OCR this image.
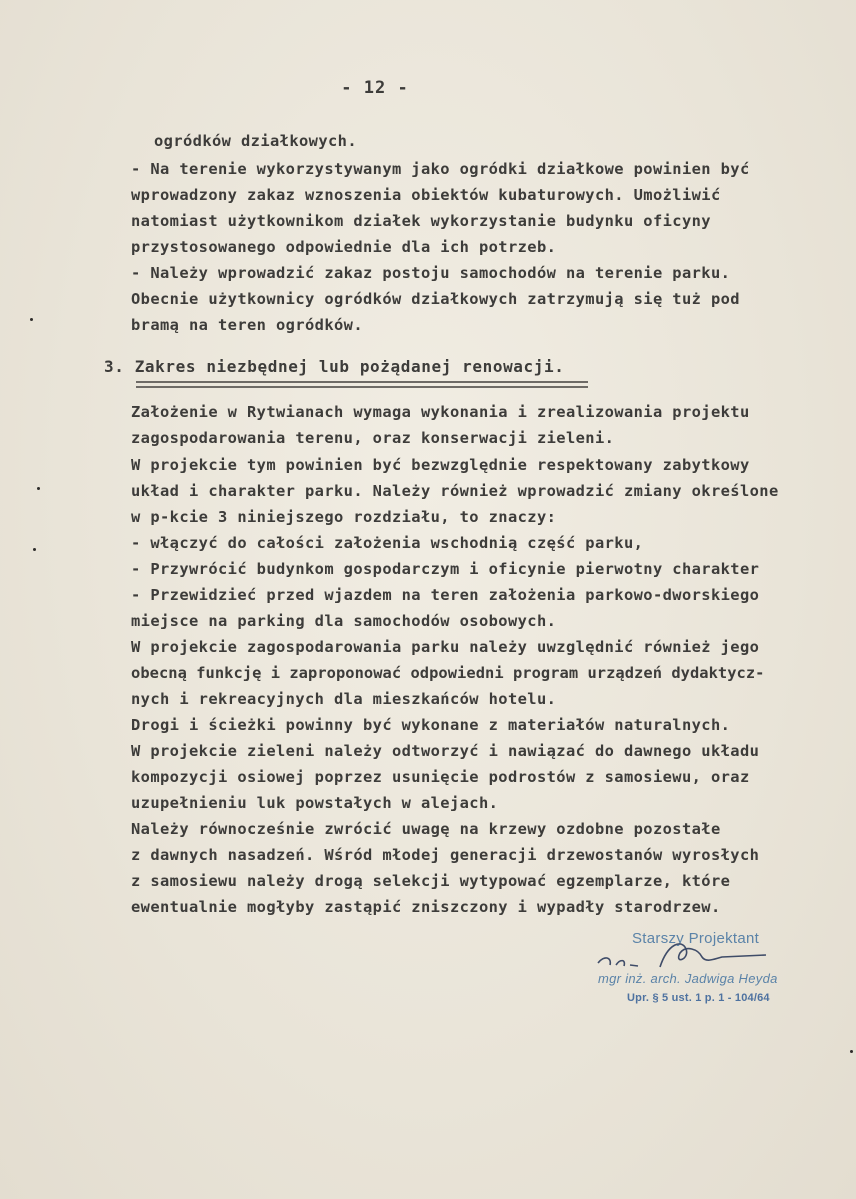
- 12 -
ogródków działkowych.
- Na terenie wykorzystywanym jako ogródki działkowe powinien być
wprowadzony zakaz wznoszenia obiektów kubaturowych. Umożliwić
natomiast użytkownikom działek wykorzystanie budynku oficyny
przystosowanego odpowiednie dla ich potrzeb.
- Należy wprowadzić zakaz postoju samochodów na terenie parku.
Obecnie użytkownicy ogródków działkowych zatrzymują się tuż pod
bramą na teren ogródków.
3. Zakres niezbędnej lub pożądanej renowacji.
Założenie w Rytwianach wymaga wykonania i zrealizowania projektu
zagospodarowania terenu, oraz konserwacji zieleni.
W projekcie tym powinien być bezwzględnie respektowany zabytkowy
układ i charakter parku. Należy również wprowadzić zmiany określone
w p-kcie 3 niniejszego rozdziału, to znaczy:
- włączyć do całości założenia wschodnią część parku,
- Przywrócić budynkom gospodarczym i oficynie pierwotny charakter
- Przewidzieć przed wjazdem na teren założenia parkowo-dworskiego
miejsce na parking dla samochodów osobowych.
W projekcie zagospodarowania parku należy uwzględnić również jego
obecną funkcję i zaproponować odpowiedni program urządzeń dydaktycz-
nych i rekreacyjnych dla mieszkańców hotelu.
Drogi i ścieżki powinny być wykonane z materiałów naturalnych.
W projekcie zieleni należy odtworzyć i nawiązać do dawnego układu
kompozycji osiowej poprzez usunięcie podrostów z samosiewu, oraz
uzupełnieniu luk powstałych w alejach.
Należy równocześnie zwrócić uwagę na krzewy ozdobne pozostałe
z dawnych nasadzeń. Wśród młodej generacji drzewostanów wyrosłych
z samosiewu należy drogą selekcji wytypować egzemplarze, które
ewentualnie mogłyby zastąpić zniszczony i wypadły starodrzew.
Starszy Projektant
mgr inż. arch. Jadwiga Heyda
Upr. § 5 ust. 1 p. 1 - 104/64
